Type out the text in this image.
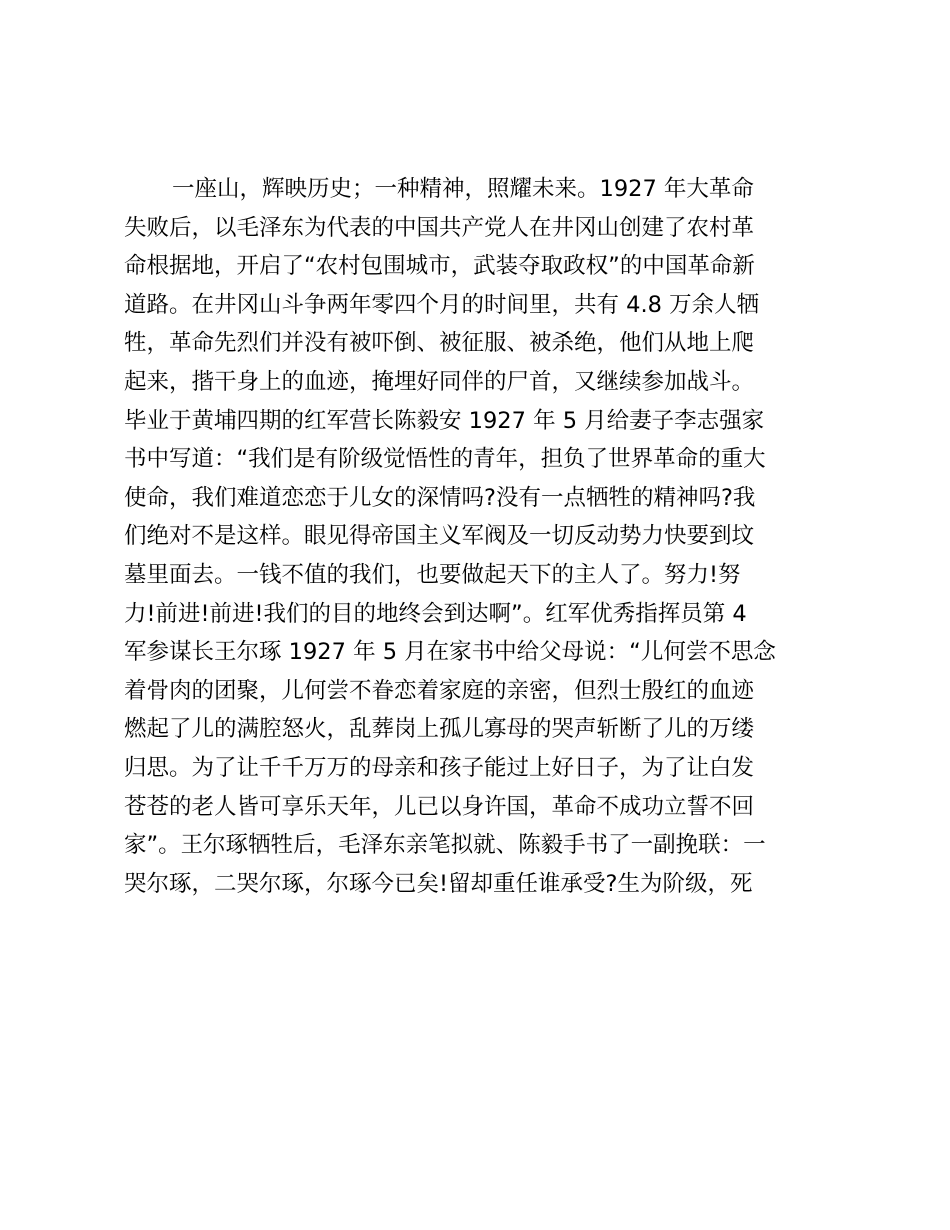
一座山，辉映历史；一种精神，照耀未来。1927 年大革命
失败后，以毛泽东为代表的中国共产党人在井冈山创建了农村革
命根据地，开启了“农村包围城市，武装夺取政权”的中国革命新
道路。在井冈山斗争两年零四个月的时间里，共有 4.8 万余人牺
牲，革命先烈们并没有被吓倒、被征服、被杀绝，他们从地上爬
起来，揩干身上的血迹，掩埋好同伴的尸首，又继续参加战斗。
毕业于黄埔四期的红军营长陈毅安 1927 年 5 月给妻子李志强家
书中写道：“我们是有阶级觉悟性的青年，担负了世界革命的重大
使命，我们难道恋恋于儿女的深情吗?没有一点牺牲的精神吗?我
们绝对不是这样。眼见得帝国主义军阀及一切反动势力快要到坟
墓里面去。一钱不值的我们，也要做起天下的主人了。努力!努
力!前进!前进!我们的目的地终会到达啊”。红军优秀指挥员第 4
军参谋长王尔琢 1927 年 5 月在家书中给父母说：“儿何尝不思念
着骨肉的团聚，儿何尝不眷恋着家庭的亲密，但烈士殷红的血迹
燃起了儿的满腔怒火，乱葬岗上孤儿寡母的哭声斩断了儿的万缕
归思。为了让千千万万的母亲和孩子能过上好日子，为了让白发
苍苍的老人皆可享乐天年，儿已以身许国，革命不成功立誓不回
家”。王尔琢牺牲后，毛泽东亲笔拟就、陈毅手书了一副挽联：一
哭尔琢，二哭尔琢，尔琢今已矣!留却重任谁承受?生为阶级，死
